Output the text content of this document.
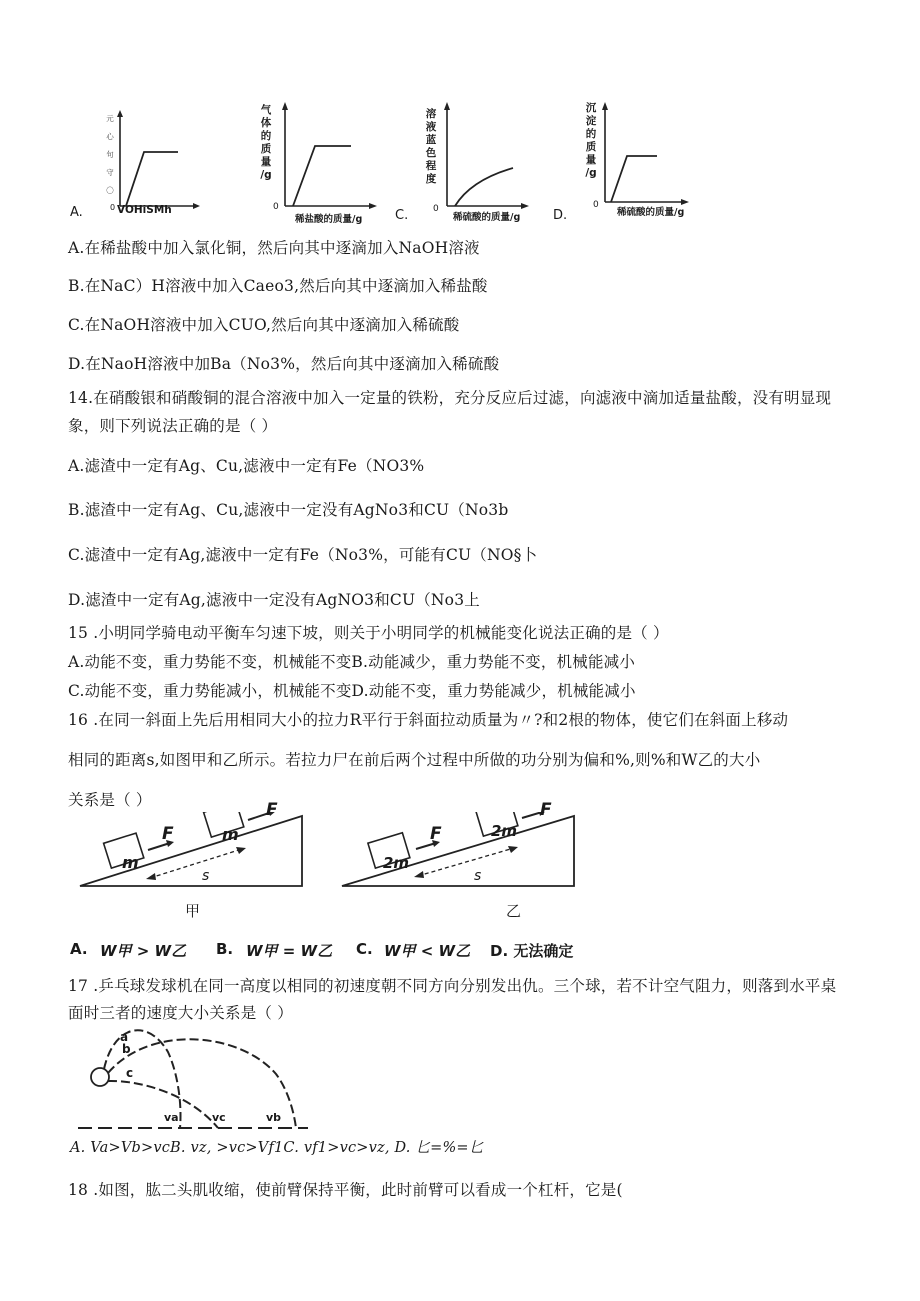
A.
元

心

句

守

〇
0 VOHiSMh
气
体
的
质
量
/g
0
稀盐酸的质量/g	C.
溶
液
蓝
色
程
度
0
稀硫酸的质量/g	D.
沉
淀
的
质
量
/g
0
稀硫酸的质量/g
A.在稀盐酸中加入氯化铜，然后向其中逐滴加入NaOH溶液
B.在NaC）H溶液中加入Caeo3,然后向其中逐滴加入稀盐酸
C.在NaOH溶液中加入CUO,然后向其中逐滴加入稀硫酸
D.在NaoH溶液中加Ba（No3%，然后向其中逐滴加入稀硫酸
14.在硝酸银和硝酸铜的混合溶液中加入一定量的铁粉，充分反应后过滤，向滤液中滴加适量盐酸，没有明显现
象，则下列说法正确的是（ ）
A.滤渣中一定有Ag、Cu,滤液中一定有Fe（NO3%
B.滤渣中一定有Ag、Cu,滤液中一定没有AgNo3和CU（No3b
C.滤渣中一定有Ag,滤液中一定有Fe（No3%，可能有CU（NO§卜
D.滤渣中一定有Ag,滤液中一定没有AgNO3和CU（No3上
15 .小明同学骑电动平衡车匀速下坡，则关于小明同学的机械能变化说法正确的是（ ）
A.动能不变，重力势能不变，机械能不变B.动能减少，重力势能不变，机械能减小
C.动能不变，重力势能减小，机械能不变D.动能不变，重力势能减少，机械能减小
16 .在同一斜面上先后用相同大小的拉力R平行于斜面拉动质量为〃?和2根的物体，使它们在斜面上移动
相同的距离s,如图甲和乙所示。若拉力尸在前后两个过程中所做的功分别为偏和%,则%和W乙的大小
关系是（ ）
m
m
F
F
s
甲
2m
2m
F
F
s
乙
A. W甲 > W乙 B. W甲 = W乙 C. W甲 < W乙 D. 无法确定
17 .乒乓球发球机在同一高度以相同的初速度朝不同方向分别发出仇。三个球，若不计空气阻力，则落到水平桌
面时三者的速度大小关系是（ ）
a
b
c
va	vc	vb
A. Va>Vb>vcB. vz, >vc>Vf1C. vf1>vc>vz, D. 匕=%=匕
18 .如图，肱二头肌收缩，使前臂保持平衡，此时前臂可以看成一个杠杆，它是(
